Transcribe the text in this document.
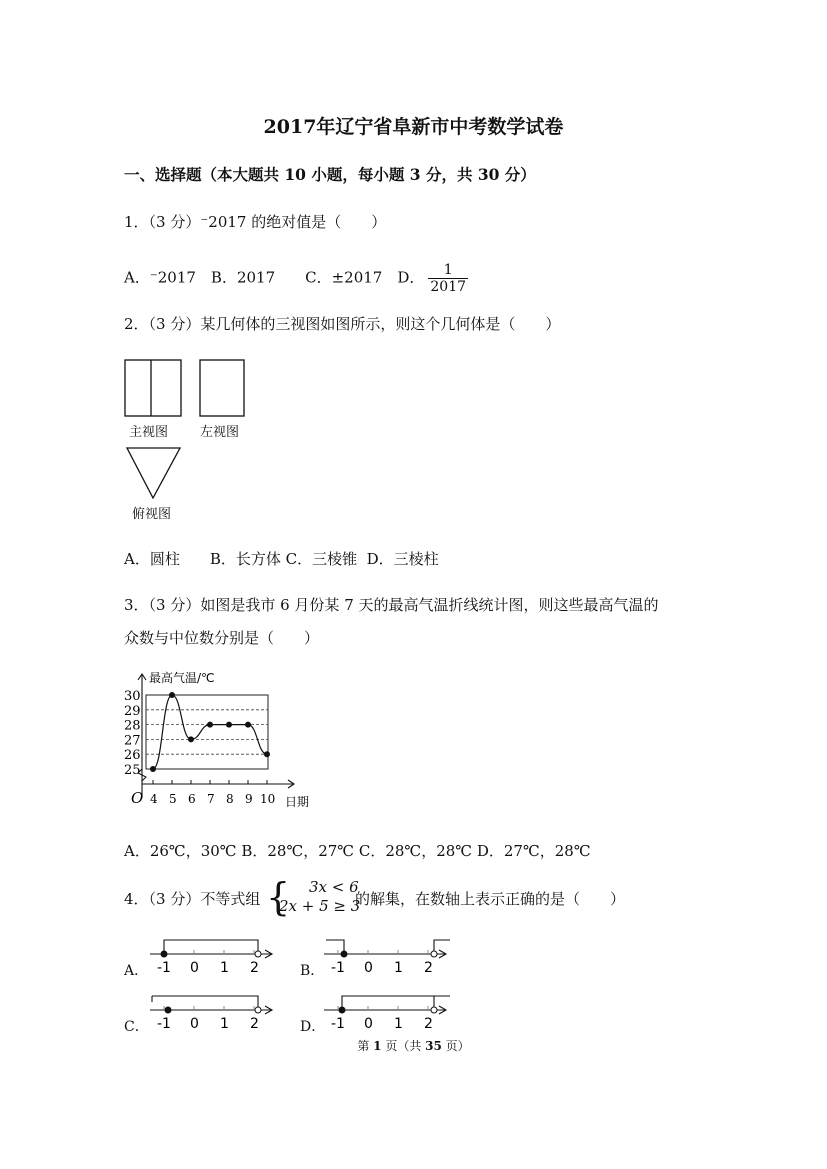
2017年辽宁省阜新市中考数学试卷
一、选择题（本大题共 10 小题，每小题 3 分，共 30 分）
1．（3 分）⁻2017 的绝对值是（　　）
A．⁻2017　B．2017　　C．±2017　D． $\frac{1}{2017}$
2．（3 分）某几何体的三视图如图所示，则这个几何体是（　　）
主视图 左视图
俯视图
A．圆柱　　B．长方体 C．三棱锥  D．三棱柱
3．（3 分）如图是我市 6 月份某 7 天的最高气温折线统计图，则这些最高气温的
众数与中位数分别是（　　）
最高气温/℃
日期
O
25
26
27
28
29
30
4 5 6 7 8 9 10
A．26℃，30℃ B．28℃，27℃ C．28℃，28℃ D．27℃，28℃
4．（3 分）不等式组 { 3x < 6
2x + 5 ≥ 3
的解集，在数轴上表示正确的是（　　）
A． -1 0 1 2	B． -1 0 1 2
C． -1 0 1 2	D． -1 0 1 2
第 1 页（共 35 页）
